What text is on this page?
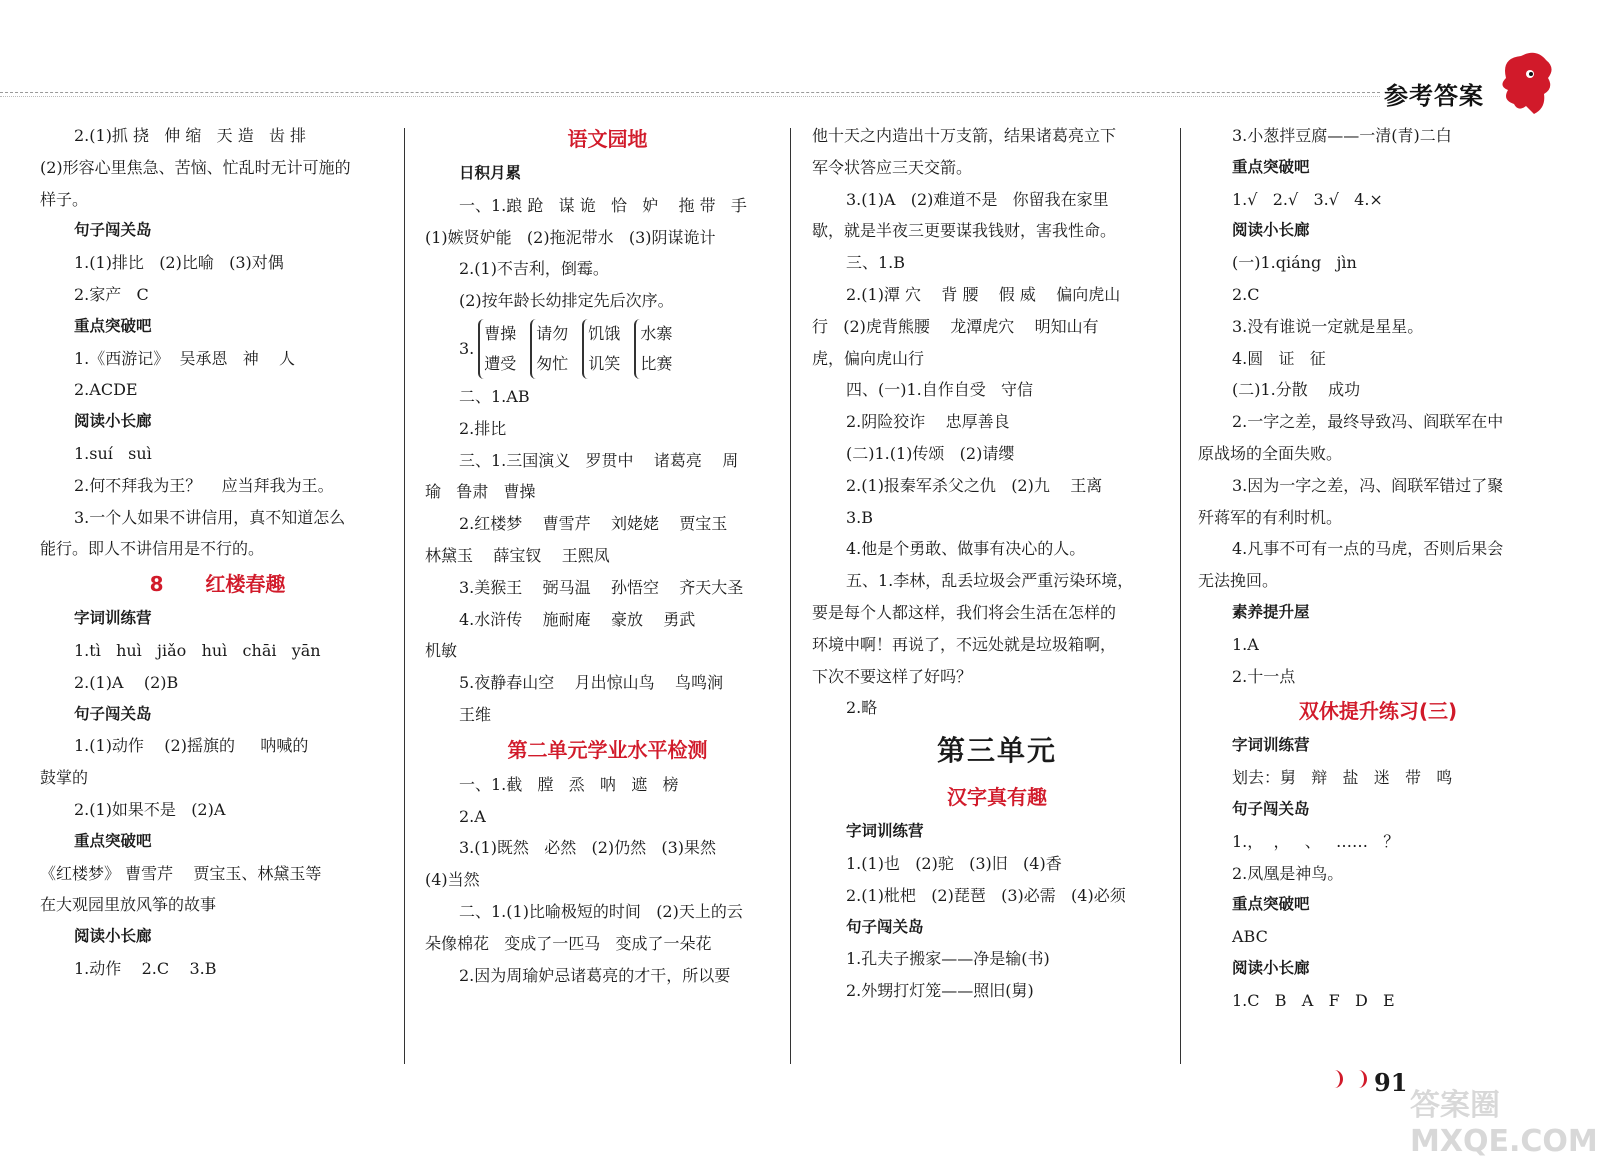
参考答案
2.(1)抓 挠   伸 缩   天 造   齿 排
(2)形容心里焦急、苦恼、忙乱时无计可施的
样子。
句子闯关岛
1.(1)排比   (2)比喻   (3)对偶
2.家产   C
重点突破吧
1.《西游记》  吴承恩   神    人
2.ACDE
阅读小长廊
1.suí   suì
2.何不拜我为王？    应当拜我为王。
3.一个人如果不讲信用，真不知道怎么
能行。即人不讲信用是不行的。
8      红楼春趣
字词训练营
1.tì   huì   jiǎo   huì   chāi   yān
2.(1)A    (2)B
句子闯关岛
1.(1)动作    (2)摇旗的     呐喊的
鼓掌的
2.(1)如果不是   (2)A
重点突破吧
《红楼梦》 曹雪芹    贾宝玉、林黛玉等
在大观园里放风筝的故事
阅读小长廊
1.动作    2.C    3.B
语文园地
日积月累
一、1.踉 跄   谋 诡   恰   妒    拖 带   手
(1)嫉贤妒能   (2)拖泥带水   (3)阴谋诡计
2.(1)不吉利，倒霉。
(2)按年龄长幼排定先后次序。
3.
曹操
遭受
请勿
匆忙
饥饿
讥笑
水寨
比赛
二、1.AB
2.排比
三、1.三国演义   罗贯中    诸葛亮    周
瑜   鲁肃   曹操
2.红楼梦    曹雪芹    刘姥姥    贾宝玉
林黛玉    薛宝钗    王熙凤
3.美猴王    弼马温    孙悟空    齐天大圣
4.水浒传    施耐庵    豪放    勇武
机敏
5.夜静春山空    月出惊山鸟    鸟鸣涧
王维
第二单元学业水平检测
一、1.截   膛   烝   呐   遮   榜
2.A
3.(1)既然   必然   (2)仍然   (3)果然
(4)当然
二、1.(1)比喻极短的时间   (2)天上的云
朵像棉花   变成了一匹马   变成了一朵花
2.因为周瑜妒忌诸葛亮的才干，所以要
他十天之内造出十万支箭，结果诸葛亮立下
军令状答应三天交箭。
3.(1)A   (2)难道不是   你留我在家里
歇，就是半夜三更要谋我钱财，害我性命。
三、1.B
2.(1)潭 穴    背 腰    假 威    偏向虎山
行   (2)虎背熊腰    龙潭虎穴    明知山有
虎，偏向虎山行
四、(一)1.自作自受   守信
2.阴险狡诈    忠厚善良
(二)1.(1)传颂   (2)请缨
2.(1)报秦军杀父之仇   (2)九    王离
3.B
4.他是个勇敢、做事有决心的人。
五、1.李林，乱丢垃圾会严重污染环境，
要是每个人都这样，我们将会生活在怎样的
环境中啊！再说了，不远处就是垃圾箱啊，
下次不要这样了好吗？
2.略
第三单元
汉字真有趣
字词训练营
1.(1)也   (2)驼   (3)旧   (4)香
2.(1)枇杷   (2)琵琶   (3)必需   (4)必须
句子闯关岛
1.孔夫子搬家——净是输(书)
2.外甥打灯笼——照旧(舅)
3.小葱拌豆腐——一清(青)二白
重点突破吧
1.√   2.√   3.√   4.×
阅读小长廊
(一)1.qiáng   jìn
2.C
3.没有谁说一定就是星星。
4.圆   证   征
(二)1.分散    成功
2.一字之差，最终导致冯、阎联军在中
原战场的全面失败。
3.因为一字之差，冯、阎联军错过了聚
歼蒋军的有利时机。
4.凡事不可有一点的马虎，否则后果会
无法挽回。
素养提升屋
1.A
2.十一点
双休提升练习(三)
字词训练营
划去：舅   辩   盐   迷   带   鸣
句子闯关岛
1.，  ，   、   ……   ？
2.凤凰是神鸟。
重点突破吧
ABC
阅读小长廊
1.C   B   A   F   D   E
91
答案圈 MXQE.COM
